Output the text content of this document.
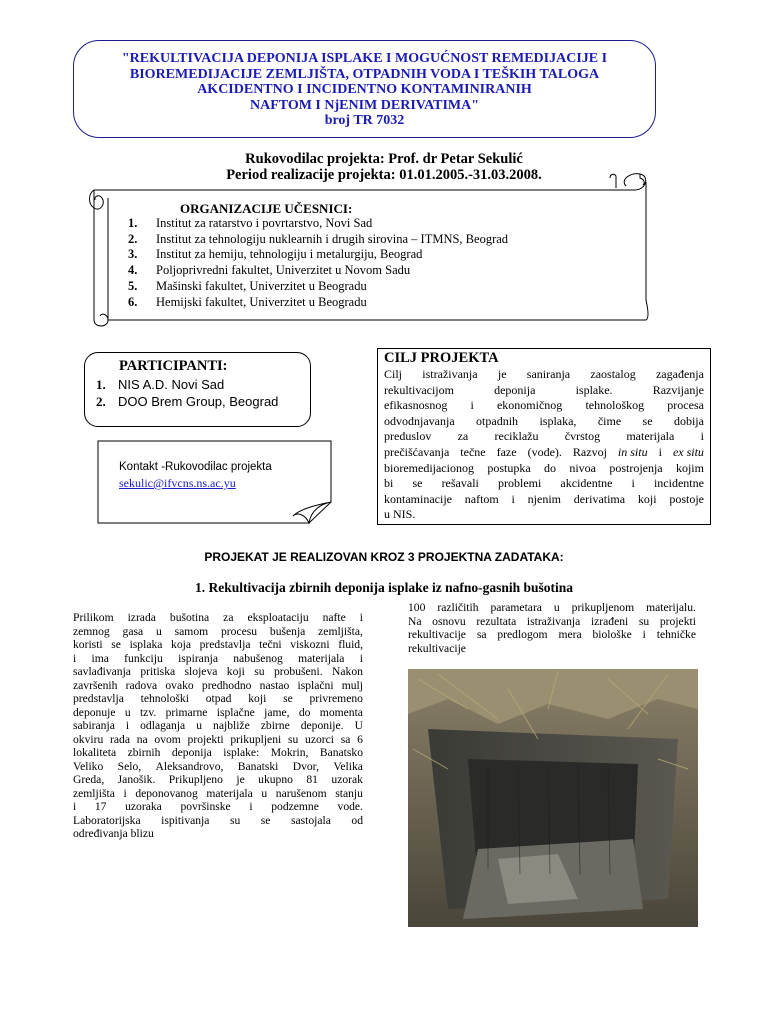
"REKULTIVACIJA DEPONIJA ISPLAKE I MOGUĆNOST REMEDIJACIJE I
BIOREMEDIJACIJE ZEMLJIŠTA, OTPADNIH VODA I TEŠKIH TALOGA
AKCIDENTNO I INCIDENTNO KONTAMINIRANIH
NAFTOM I NjENIM DERIVATIMA"
broj TR 7032
Rukovodilac projekta: Prof. dr Petar Sekulić
Period realizacije projekta: 01.01.2005.-31.03.2008.
ORGANIZACIJE UČESNICI:
1. Institut za ratarstvo i povrtarstvo, Novi Sad
2. Institut za tehnologiju nuklearnih i drugih sirovina – ITMNS, Beograd
3. Institut za hemiju, tehnologiju i metalurgiju, Beograd
4. Poljoprivredni fakultet, Univerzitet u Novom Sadu
5. Mašinski fakultet, Univerzitet u Beogradu
6. Hemijski fakultet, Univerzitet u Beogradu
PARTICIPANTI:
1. NIS A.D. Novi Sad
2. DOO Brem Group, Beograd
Kontakt -Rukovodilac projekta
sekulic@ifvcns.ns.ac.yu
CILJ PROJEKTA
Cilj istraživanja je saniranja zaostalog zagađenja
rekultivacijom	deponija	isplake.	Razvijanje
efikasnosnog i ekonomičnog tehnološkog procesa
odvodnjavanja otpadnih isplaka, čime se dobija
preduslov za reciklažu čvrstog materijala i
prečišćavanja tečne faze (vode). Razvoj in situ i ex situ
bioremedijacionog postupka do nivoa postrojenja kojim
bi se rešavali problemi akcidentne i incidentne
kontaminacije naftom i njenim derivatima koji postoje
u NIS.
PROJEKAT JE REALIZOVAN KROZ 3 PROJEKTNA ZADATAKA:
1. Rekultivacija zbirnih deponija isplake iz nafno-gasnih bušotina
Prilikom izrada bušotina za eksploataciju nafte i
zemnog gasa u samom procesu bušenja zemljišta,
koristi se isplaka koja predstavlja tečni viskozni fluid,
i ima funkciju ispiranja nabušenog materijala i
savlađivanja pritiska slojeva koji su probušeni. Nakon
završenih radova ovako predhodno nastao isplačni mulj
predstavlja tehnološki otpad koji se privremeno
deponuje u tzv. primarne isplačne jame, do momenta
sabiranja i odlaganja u najbliže zbirne deponije. U
okviru rada na ovom projekti prikupljeni su uzorci sa 6
lokaliteta zbirnih deponija isplake: Mokrin, Banatsko
Veliko Selo, Aleksandrovo, Banatski Dvor, Velika
Greda, Janošik. Prikupljeno je ukupno 81 uzorak
zemljišta i deponovanog materijala u narušenom stanju
i 17 uzoraka površinske i podzemne vode.
Laboratorijska ispitivanja su se sastojala od
određivanja blizu
100 različitih parametara u prikupljenom materijalu.
Na osnovu rezultata istraživanja izrađeni su projekti
rekultivacije sa predlogom mera biološke i tehničke
rekultivacije
